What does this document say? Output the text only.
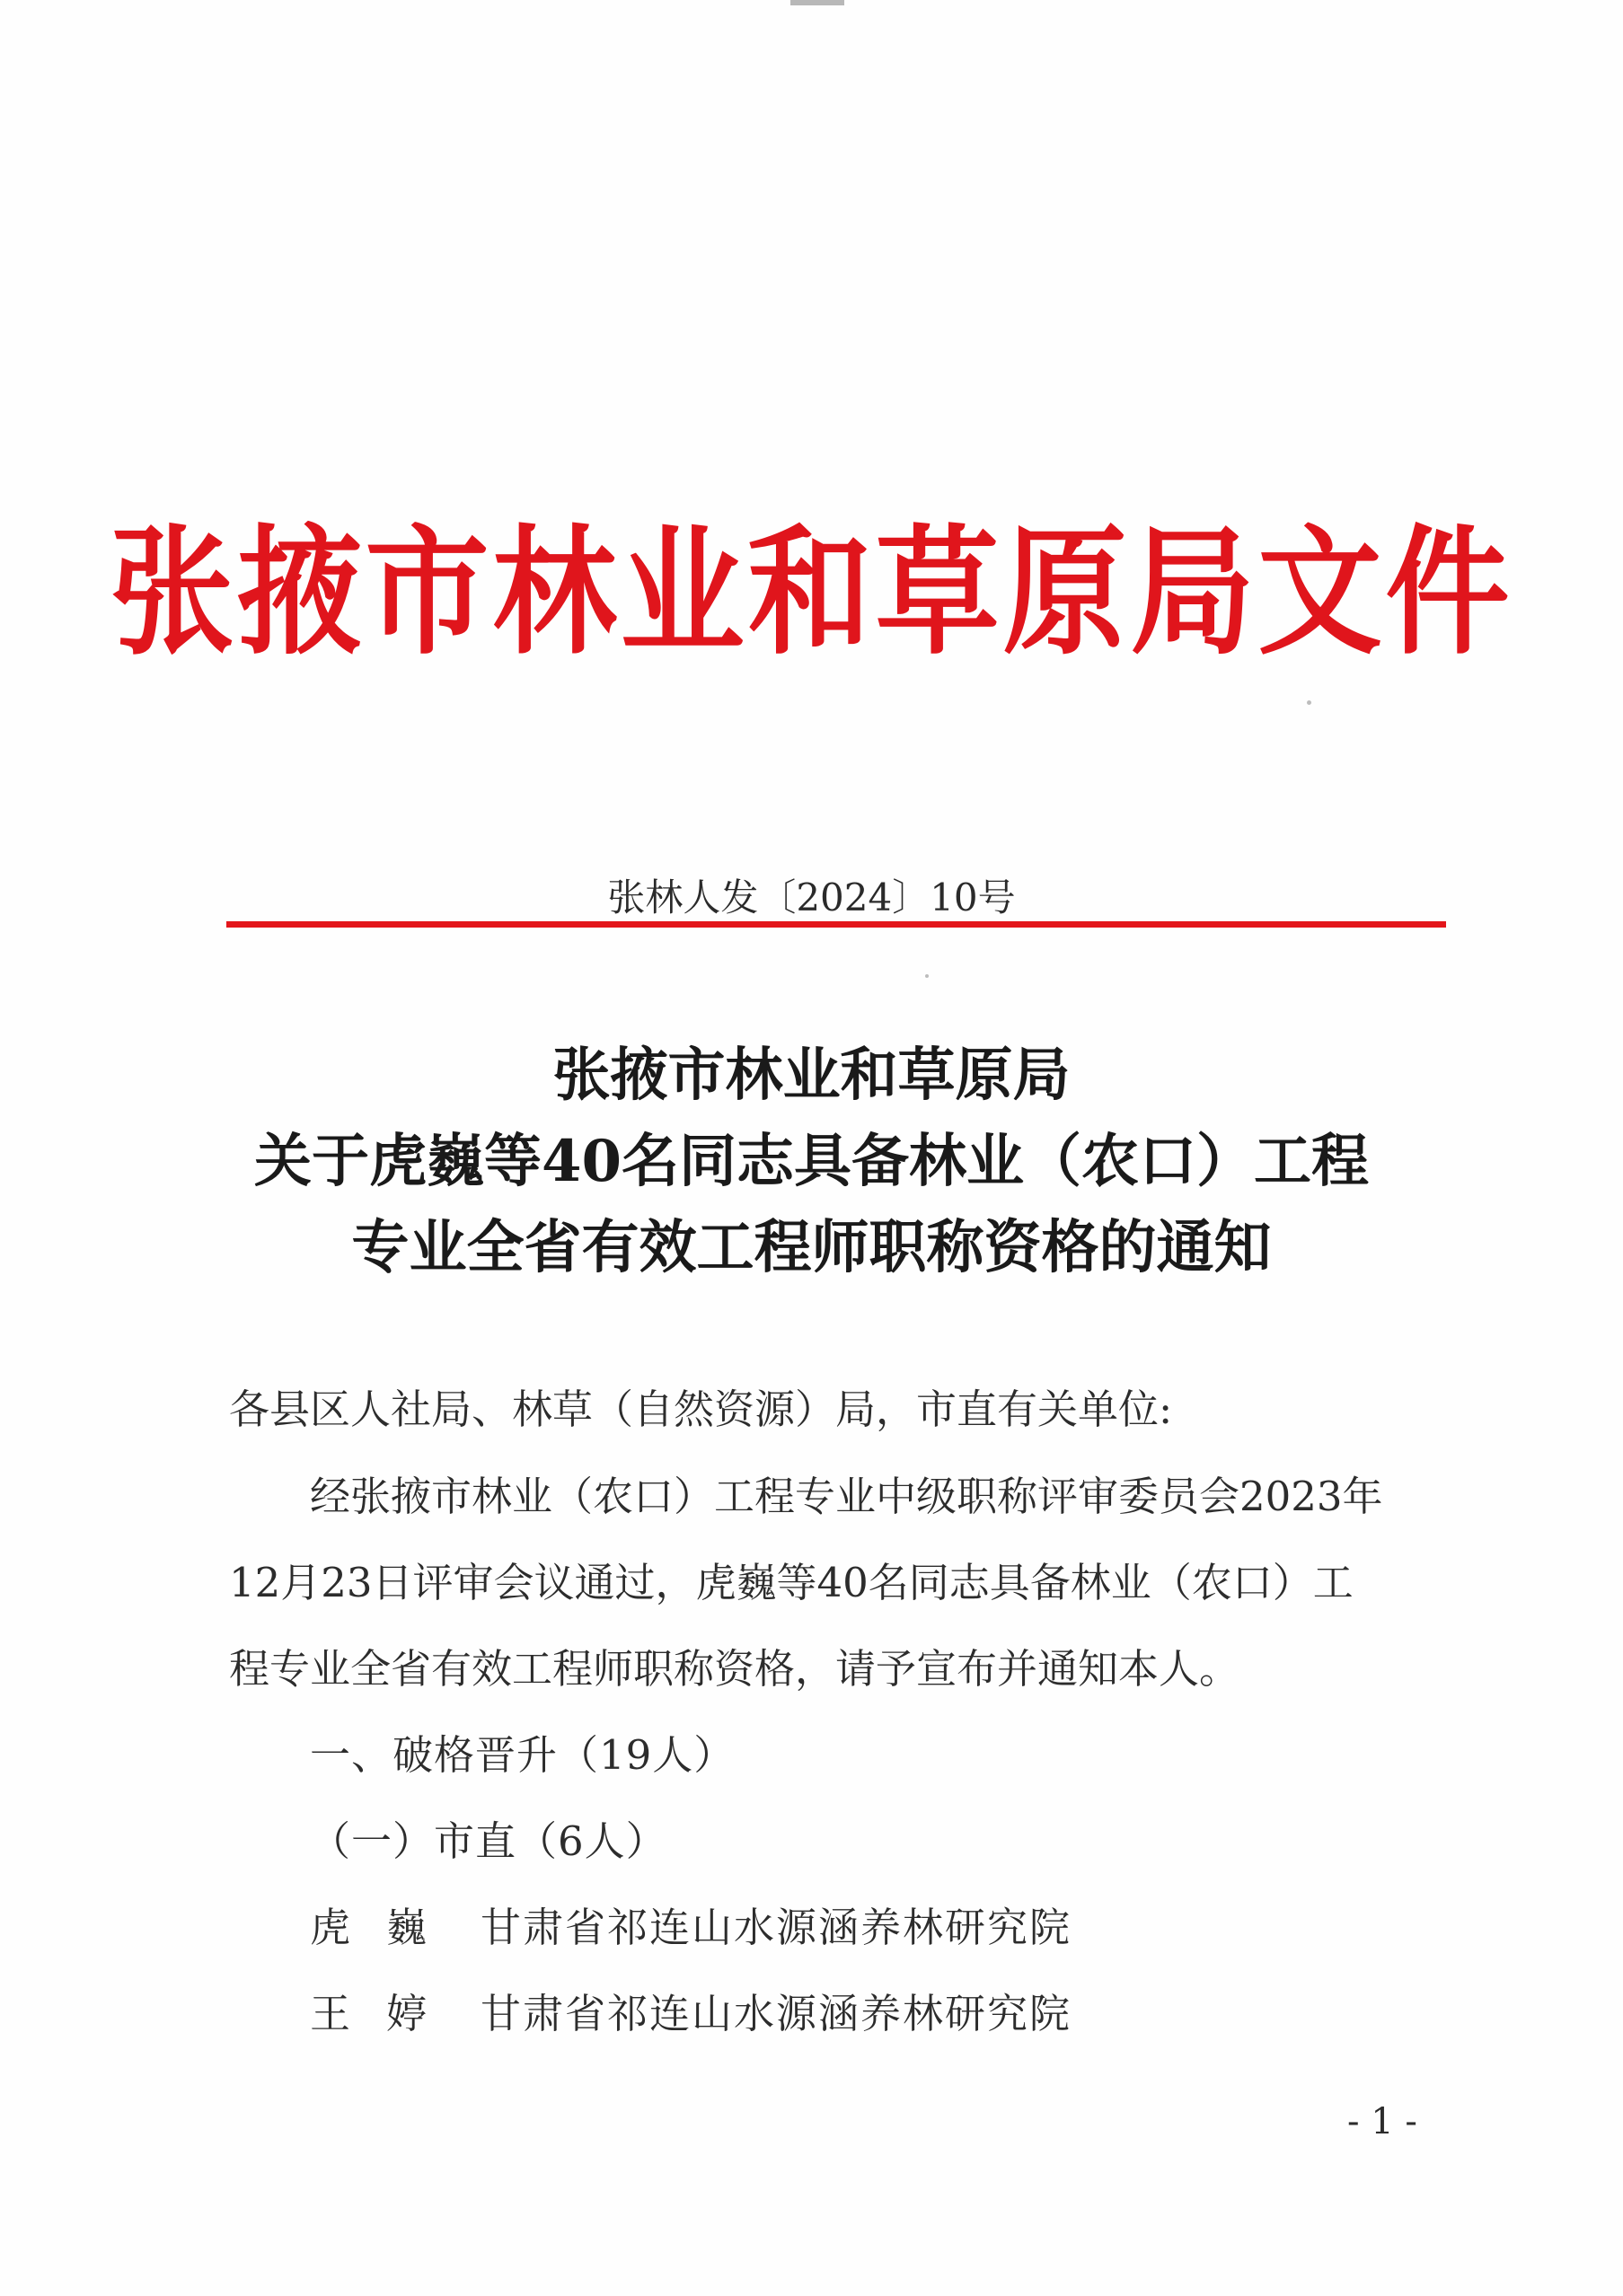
张掖市林业和草原局文件
张林人发〔2024〕10号
张掖市林业和草原局
关于虎巍等40名同志具备林业（农口）工程
专业全省有效工程师职称资格的通知
各县区人社局、林草（自然资源）局，市直有关单位:
经张掖市林业（农口）工程专业中级职称评审委员会2023年
12月23日评审会议通过，虎巍等40名同志具备林业（农口）工
程专业全省有效工程师职称资格，请予宣布并通知本人。
一、破格晋升（19人）
（一）市直（6人）
虎巍 甘肃省祁连山水源涵养林研究院
王婷 甘肃省祁连山水源涵养林研究院
- 1 -
